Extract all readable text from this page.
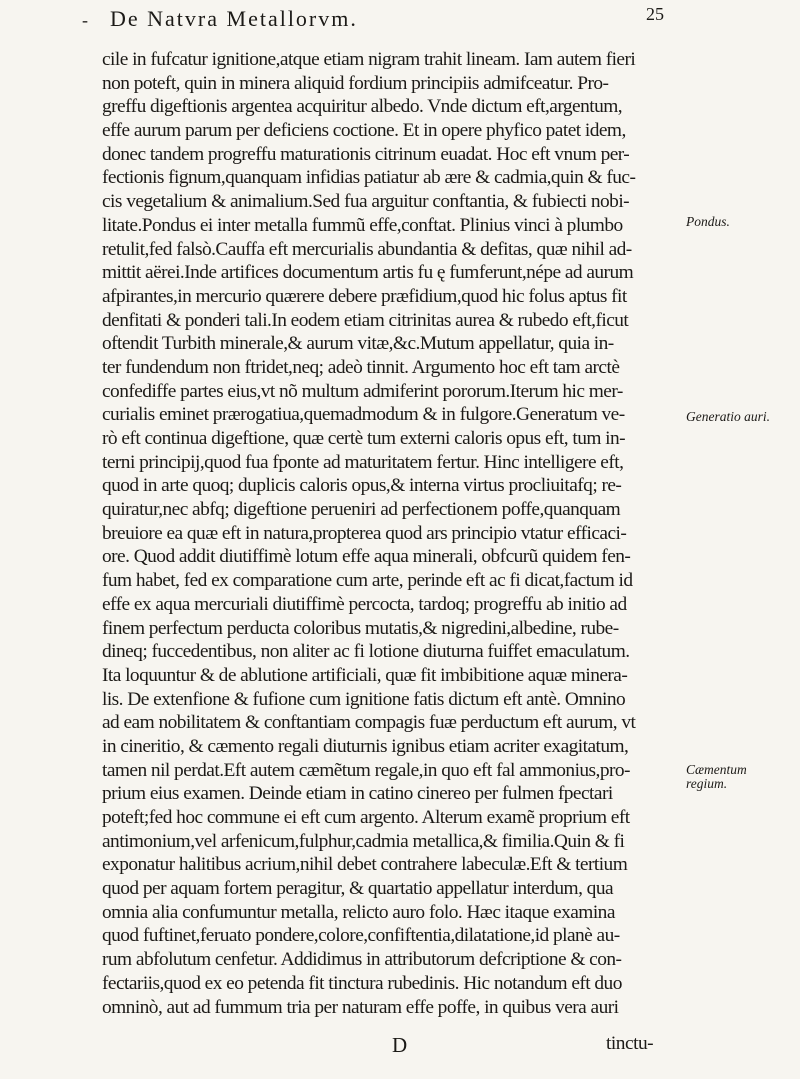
- De Natvra Metallorvm.	25
cile in fufcatur ignitione,atque etiam nigram trahit lineam. Iam autem fieri
non poteft, quin in minera aliquid fordium principiis admifceatur. Pro-
greffu digeftionis argentea acquiritur albedo. Vnde dictum eft,argentum,
effe aurum parum per deficiens coctione. Et in opere phyfico patet idem,
donec tandem progreffu maturationis citrinum euadat. Hoc eft vnum per-
fectionis fignum,quanquam infidias patiatur ab ære & cadmia,quin & fuc-
cis vegetalium & animalium.Sed fua arguitur conftantia, & fubiecti nobi-
litate.Pondus ei inter metalla fummũ effe,conftat. Plinius vinci à plumbo
retulit,fed falsò.Cauffa eft mercurialis abundantia & defitas, quæ nihil ad-
mittit aërei.Inde artifices documentum artis fu ę fumferunt,népe ad aurum
afpirantes,in mercurio quærere debere præfidium,quod hic folus aptus fit
denfitati & ponderi tali.In eodem etiam citrinitas aurea & rubedo eft,ficut
oftendit Turbith minerale,& aurum vitæ,&c.Mutum appellatur, quia in-
ter fundendum non ftridet,neq; adeò tinnit. Argumento hoc eft tam arctè
confediffe partes eius,vt nõ multum admiferint pororum.Iterum hic mer-
curialis eminet prærogatiua,quemadmodum & in fulgore.Generatum ve-
rò eft continua digeftione, quæ certè tum externi caloris opus eft, tum in-
terni principij,quod fua fponte ad maturitatem fertur. Hinc intelligere eft,
quod in arte quoq; duplicis caloris opus,& interna virtus procliuitafq; re-
quiratur,nec abfq; digeftione perueniri ad perfectionem poffe,quanquam
breuiore ea quæ eft in natura,propterea quod ars principio vtatur efficaci-
ore. Quod addit diutiffimè lotum effe aqua minerali, obfcurũ quidem fen-
fum habet, fed ex comparatione cum arte, perinde eft ac fi dicat,factum id
effe ex aqua mercuriali diutiffimè percocta, tardoq; progreffu ab initio ad
finem perfectum perducta coloribus mutatis,& nigredini,albedine, rube-
dineq; fuccedentibus, non aliter ac fi lotione diuturna fuiffet emaculatum.
Ita loquuntur & de ablutione artificiali, quæ fit imbibitione aquæ minera-
lis. De extenfione & fufione cum ignitione fatis dictum eft antè. Omnino
ad eam nobilitatem & conftantiam compagis fuæ perductum eft aurum, vt
in cineritio, & cæmento regali diuturnis ignibus etiam acriter exagitatum,
tamen nil perdat.Eft autem cæmẽtum regale,in quo eft fal ammonius,pro-
prium eius examen. Deinde etiam in catino cinereo per fulmen fpectari
poteft;fed hoc commune ei eft cum argento. Alterum examẽ proprium eft
antimonium,vel arfenicum,fulphur,cadmia metallica,& fimilia.Quin & fi
exponatur halitibus acrium,nihil debet contrahere labeculæ.Eft & tertium
quod per aquam fortem peragitur, & quartatio appellatur interdum, qua
omnia alia confumuntur metalla, relicto auro folo. Hæc itaque examina
quod fuftinet,feruato pondere,colore,confiftentia,dilatatione,id planè au-
rum abfolutum cenfetur. Addidimus in attributorum defcriptione & con-
fectariis,quod ex eo petenda fit tinctura rubedinis. Hic notandum eft duo
omninò, aut ad fummum tria per naturam effe poffe, in quibus vera auri
Pondus.
Generatio auri.
Cæmentum regium.
D	tinctu-
